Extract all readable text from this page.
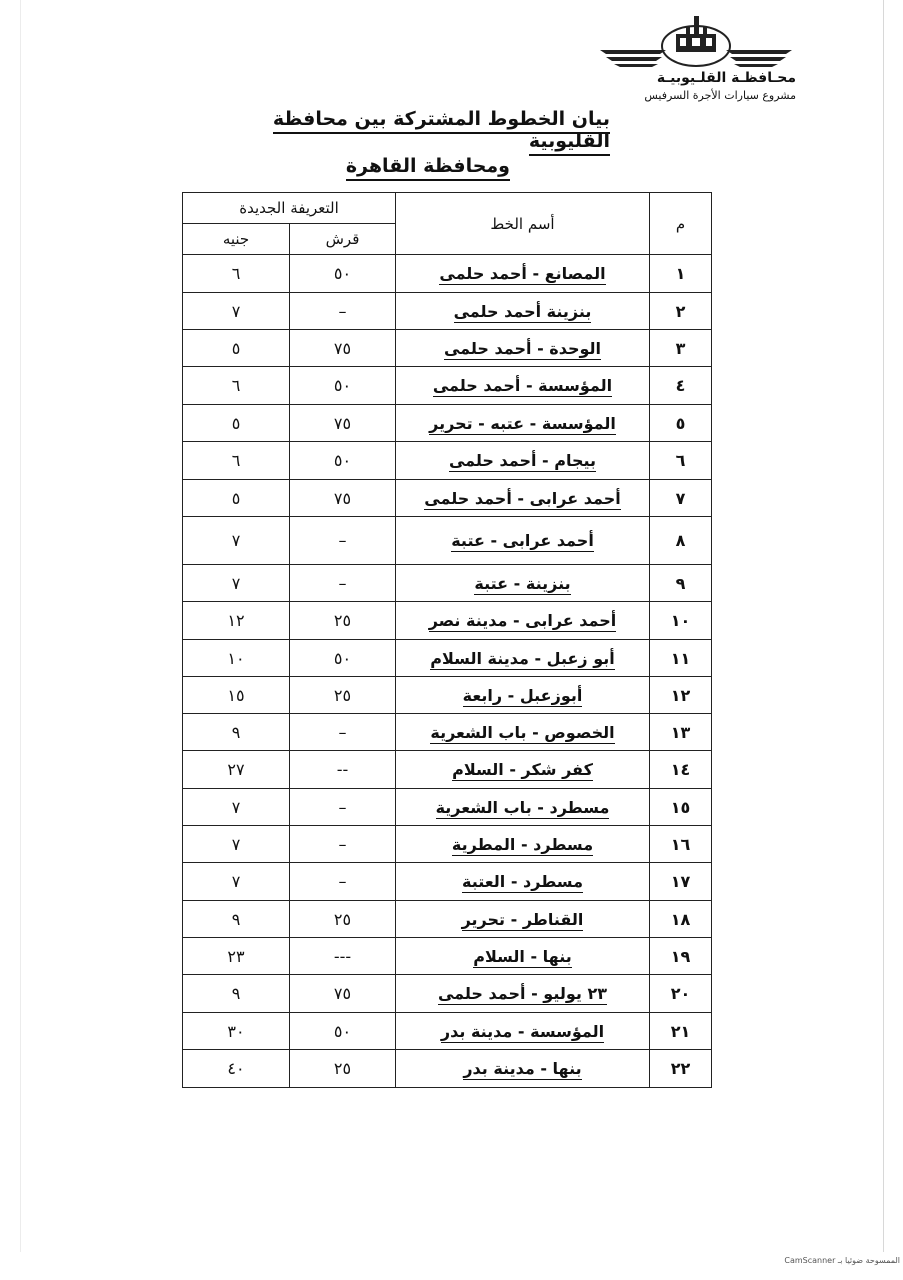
محـافظـة القلـيوبيـة
مشروع سيارات الأجرة السرفيس
بيان الخطوط المشتركة بين محافظة القليوبية
ومحافظة القاهرة
م	أسم الخط	التعريفة الجديدة	
		قرش	جنيه
١	المصانع - أحمد حلمى	٥٠	٦
٢	بنزينة أحمد حلمى	–	٧
٣	الوحدة - أحمد حلمى	٧٥	٥
٤	المؤسسة - أحمد حلمى	٥٠	٦
٥	المؤسسة - عتبه - تحرير	٧٥	٥
٦	بيجام - أحمد حلمى	٥٠	٦
٧	أحمد عرابى - أحمد حلمى	٧٥	٥
٨	أحمد عرابى - عتبة	–	٧
٩	بنزينة - عتبة	–	٧
١٠	أحمد عرابى - مدينة نصر	٢٥	١٢
١١	أبو زعبل - مدينة السلام	٥٠	١٠
١٢	أبوزعبل - رابعة	٢٥	١٥
١٣	الخصوص - باب الشعرية	–	٩
١٤	كفر شكر - السلام	--	٢٧
١٥	مسطرد - باب الشعرية	–	٧
١٦	مسطرد - المطرية	–	٧
١٧	مسطرد - العتبة	–	٧
١٨	القناطر - تحرير	٢٥	٩
١٩	بنها - السلام	---	٢٣
٢٠	٢٣ يوليو - أحمد حلمى	٧٥	٩
٢١	المؤسسة - مدينة بدر	٥٠	٣٠
٢٢	بنها - مدينة بدر	٢٥	٤٠
الممسوحة ضوئيا بـ CamScanner
